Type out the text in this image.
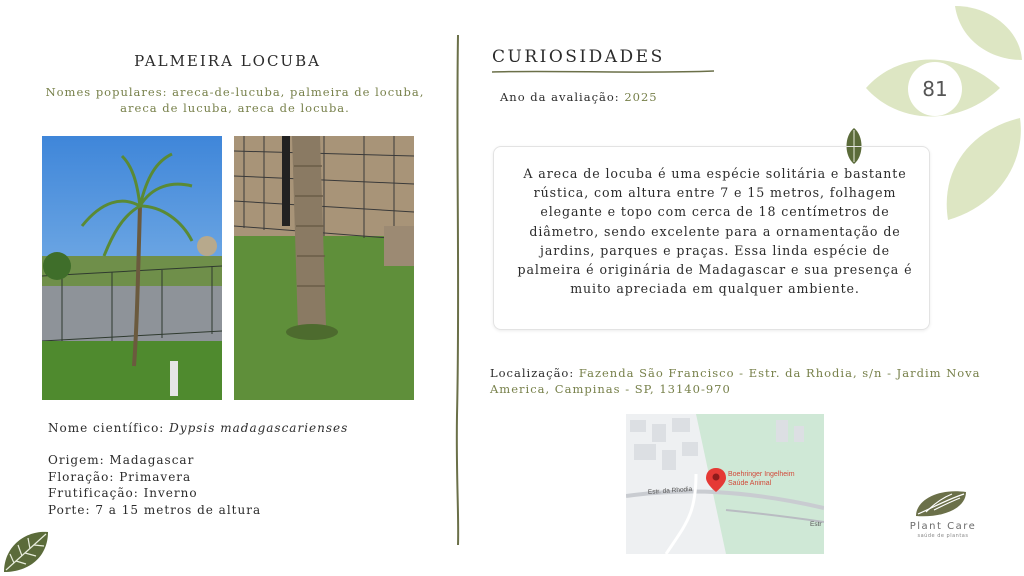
81
PALMEIRA LOCUBA
Nomes populares: areca-de-lucuba, palmeira de locuba, areca de lucuba, areca de locuba.
Nome científico: Dypsis madagascarienses
Origem: Madagascar
Floração: Primavera
Frutificação: Inverno
Porte: 7 a 15 metros de altura
CURIOSIDADES
Ano da avaliação: 2025
A areca de locuba é uma espécie solitária e bastante rústica, com altura entre 7 e 15 metros, folhagem elegante e topo com cerca de 18 centímetros de diâmetro, sendo excelente para a ornamentação de jardins, parques e praças. Essa linda espécie de palmeira é originária de Madagascar e sua presença é muito apreciada em qualquer ambiente.
Localização: Fazenda São Francisco - Estr. da Rhodia, s/n - Jardim Nova America, Campinas - SP, 13140-970
Boehringer Ingelheim
Saúde Animal
Estr. da Rhodia
Estr	Plant Care
saúde de plantas
